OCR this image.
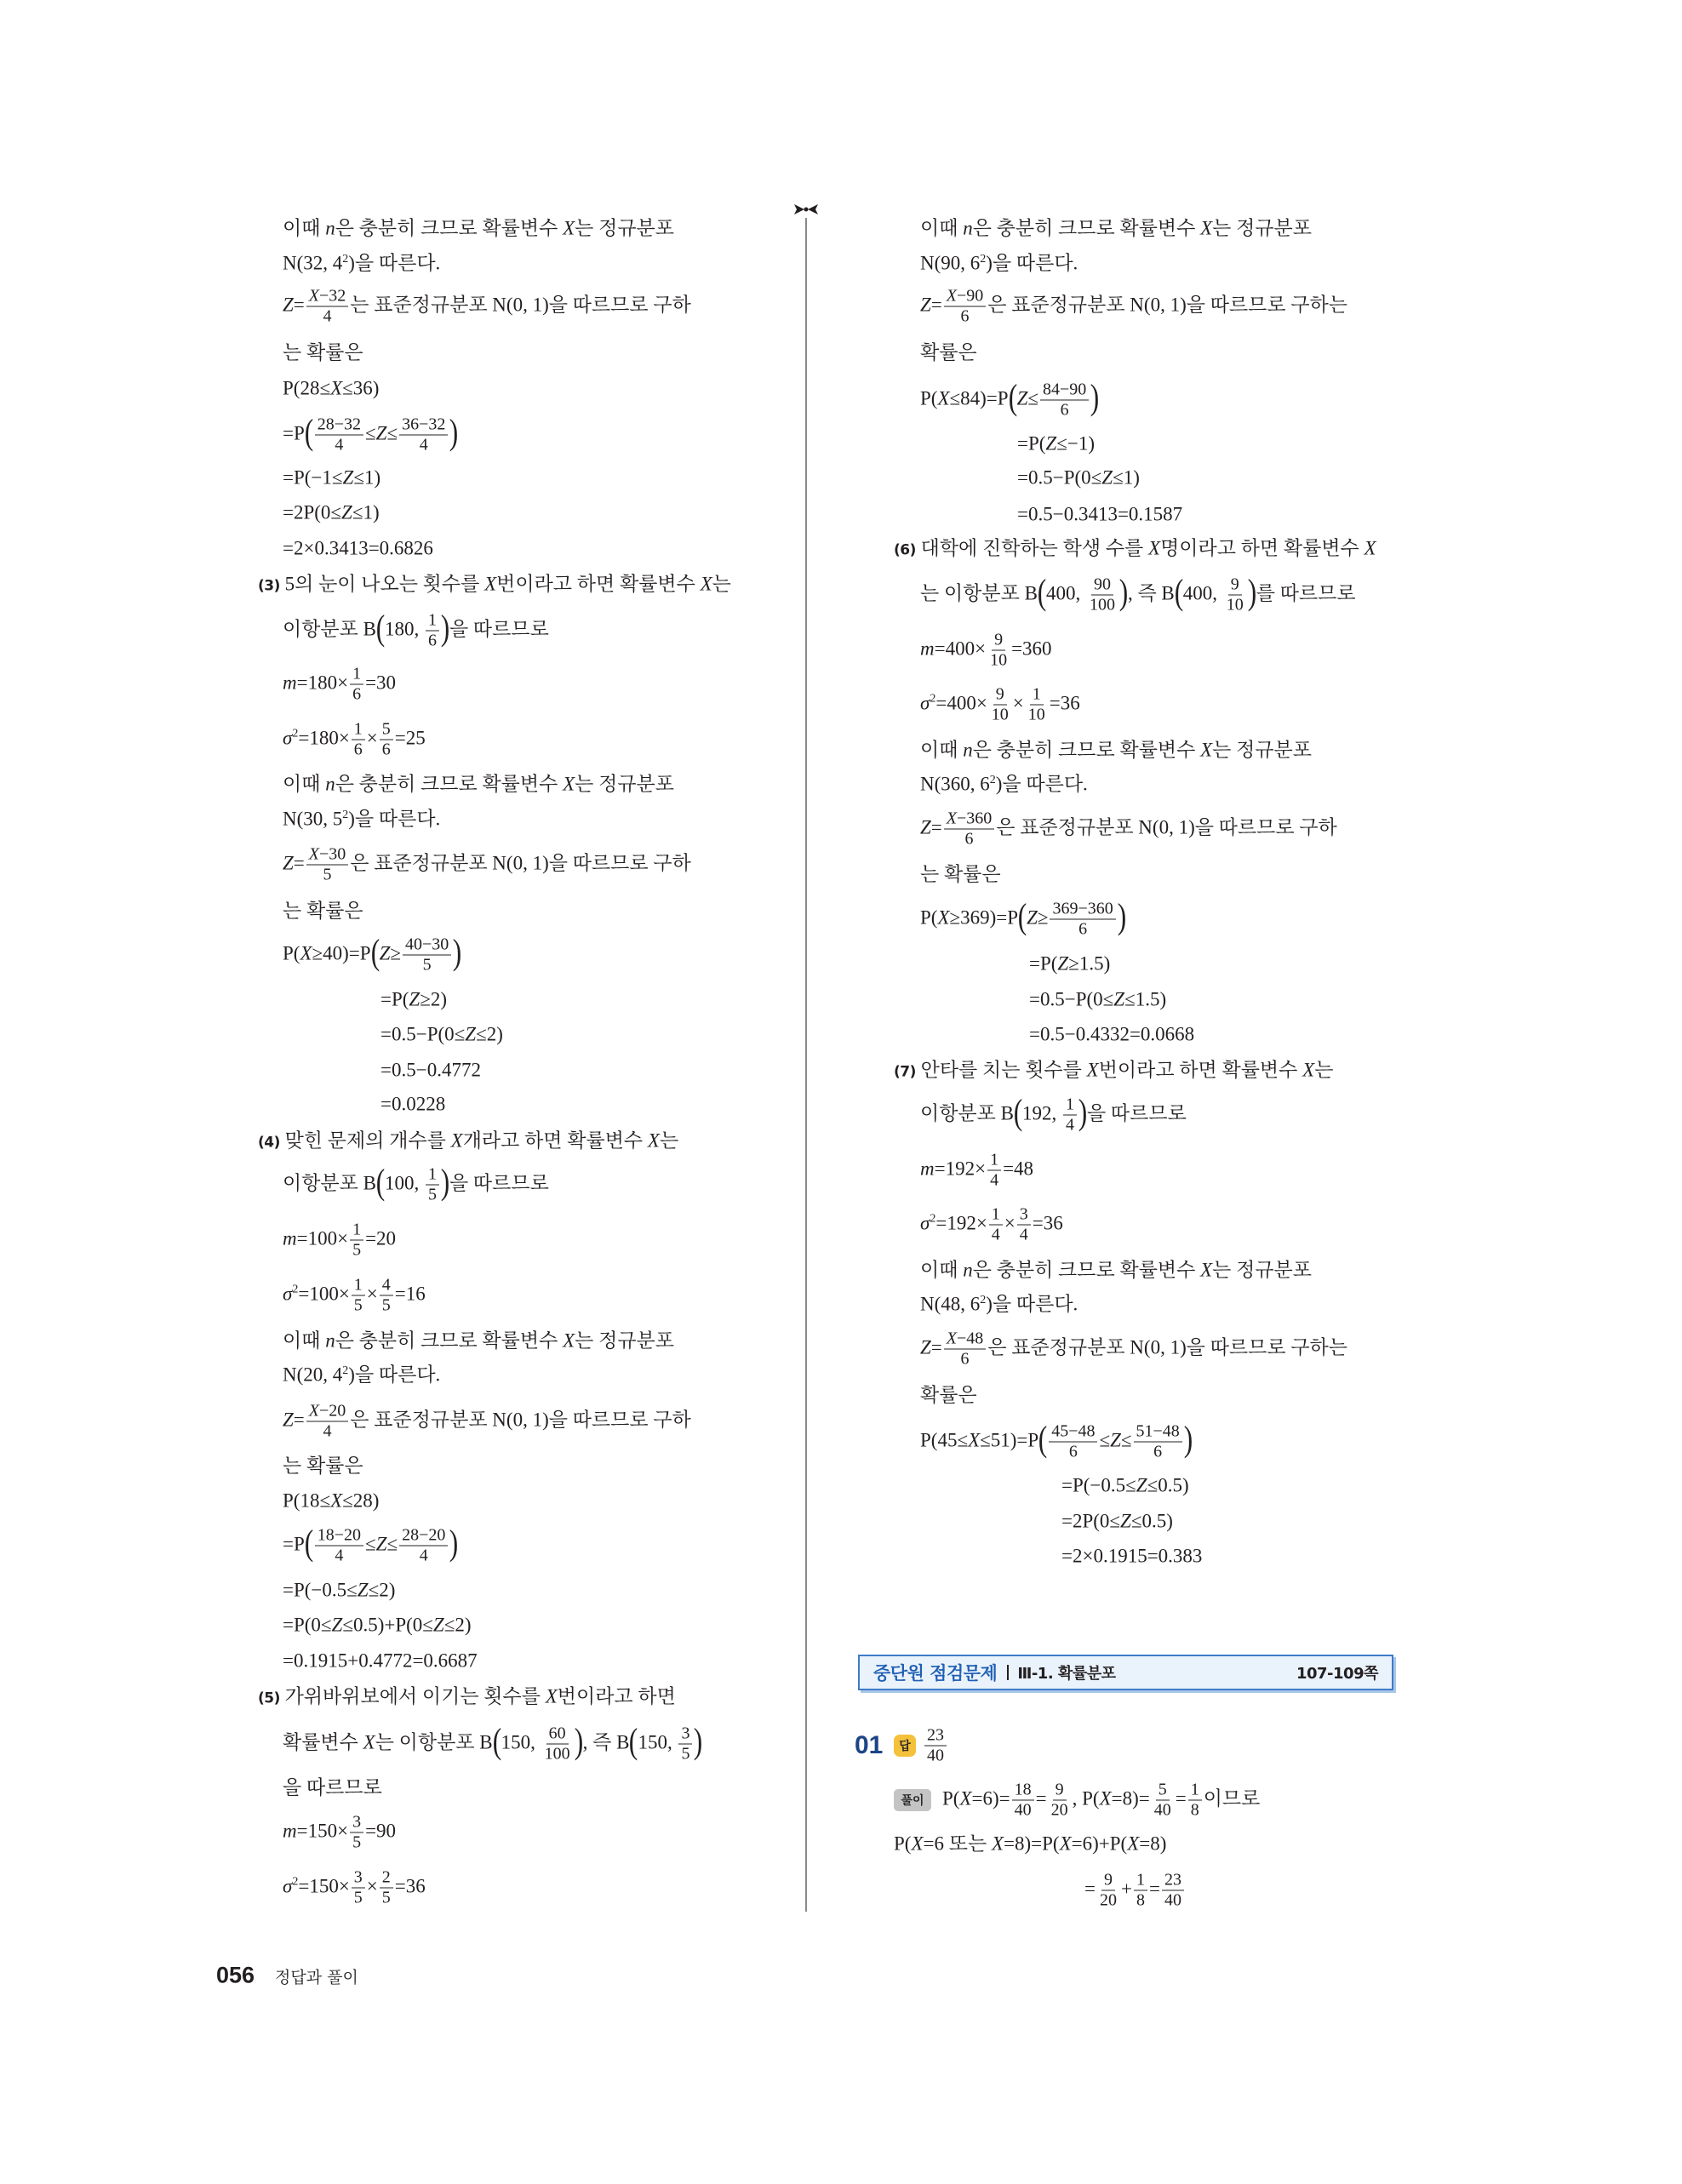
이때 n은 충분히 크므로 확률변수 X는 정규분포
N(32, $4^2$)을 따른다.
$Z= \frac{X-32}{4}$ 는 표준정규분포 N(0, 1)을 따르므로 구하
는 확률은
P(28≤X≤36)
$=P( \frac{28-32}{4} \le Z\le \frac{36-32}{4}$ )
=P(−1≤Z≤1)
=2P(0≤Z≤1)
=2×0.3413=0.6826
(3) 5의 눈이 나오는 횟수를 X번이라고 하면 확률변수 X는
이항분포 B(180, $\frac{1}{6}$ )을 따르므로
$m=180\times \frac{1}{6} =30$
$\sigma^2=180\times \frac{1}{6} \times \frac{5}{6} =25$
이때 n은 충분히 크므로 확률변수 X는 정규분포
N(30, $5^2$)을 따른다.
$Z= \frac{X-30}{5}$ 은 표준정규분포 N(0, 1)을 따르므로 구하
는 확률은
$P(X\ge 40)=P(Z\ge \frac{40-30}{5}$ )
=P(Z≥2)
=0.5−P(0≤Z≤2)
=0.5−0.4772
=0.0228
(4) 맞힌 문제의 개수를 X개라고 하면 확률변수 X는
이항분포 B(100, $\frac{1}{5}$ )을 따르므로
$m=100\times \frac{1}{5} =20$
$\sigma^2=100\times \frac{1}{5} \times \frac{4}{5} =16$
이때 n은 충분히 크므로 확률변수 X는 정규분포
N(20, $4^2$)을 따른다.
$Z= \frac{X-20}{4}$ 은 표준정규분포 N(0, 1)을 따르므로 구하
는 확률은
P(18≤X≤28)
$=P( \frac{18-20}{4} \le Z\le \frac{28-20}{4}$ )
=P(−0.5≤Z≤2)
=P(0≤Z≤0.5)+P(0≤Z≤2)
=0.1915+0.4772=0.6687
(5) 가위바위보에서 이기는 횟수를 X번이라고 하면
확률변수 X는 이항분포 B(150, $\frac{60}{100}$ ), 즉 B(150, $\frac{3}{5}$ )
을 따르므로
$m=150\times \frac{3}{5} =90$
$\sigma^2=150\times \frac{3}{5} \times \frac{2}{5} =36$
이때 n은 충분히 크므로 확률변수 X는 정규분포
N(90, $6^2$)을 따른다.
$Z= \frac{X-90}{6}$ 은 표준정규분포 N(0, 1)을 따르므로 구하는
확률은
$P(X\le 84)=P(Z\le \frac{84-90}{6}$ )
=P(Z≤−1)
=0.5−P(0≤Z≤1)
=0.5−0.3413=0.1587
(6) 대학에 진학하는 학생 수를 X명이라고 하면 확률변수 X
는 이항분포 B(400, $\frac{90}{100}$ ), 즉 B(400, $\frac{9}{10}$ )를 따르므로
$m=400\times \frac{9}{10} =360$
$\sigma^2=400\times \frac{9}{10} \times \frac{1}{10} =36$
이때 n은 충분히 크므로 확률변수 X는 정규분포
N(360, $6^2$)을 따른다.
$Z= \frac{X-360}{6}$ 은 표준정규분포 N(0, 1)을 따르므로 구하
는 확률은
$P(X\ge 369)=P(Z\ge \frac{369-360}{6}$ )
=P(Z≥1.5)
=0.5−P(0≤Z≤1.5)
=0.5−0.4332=0.0668
(7) 안타를 치는 횟수를 X번이라고 하면 확률변수 X는
이항분포 B(192, $\frac{1}{4}$ )을 따르므로
$m=192\times \frac{1}{4} =48$
$\sigma^2=192\times \frac{1}{4} \times \frac{3}{4} =36$
이때 n은 충분히 크므로 확률변수 X는 정규분포
N(48, $6^2$)을 따른다.
$Z= \frac{X-48}{6}$ 은 표준정규분포 N(0, 1)을 따르므로 구하는
확률은
$P(45\le X\le 51)=P( \frac{45-48}{6} \le Z\le \frac{51-48}{6}$ )
=P(−0.5≤Z≤0.5)
=2P(0≤Z≤0.5)
=2×0.1915=0.383
중단원 점검문제 Ⅲ-1. 확률분포	107-109쪽
01	답 $\frac{23}{40}$
풀이 $P(X=6)= \frac{18}{40} = \frac{9}{20}$ , $P(X=8)= \frac{5}{40} = \frac{1}{8}$ 이므로
P(X=6 또는 X=8)=P(X=6)+P(X=8)
= $\frac{9}{20} + \frac{1}{8} = \frac{23}{40}$
056 정답과 풀이
